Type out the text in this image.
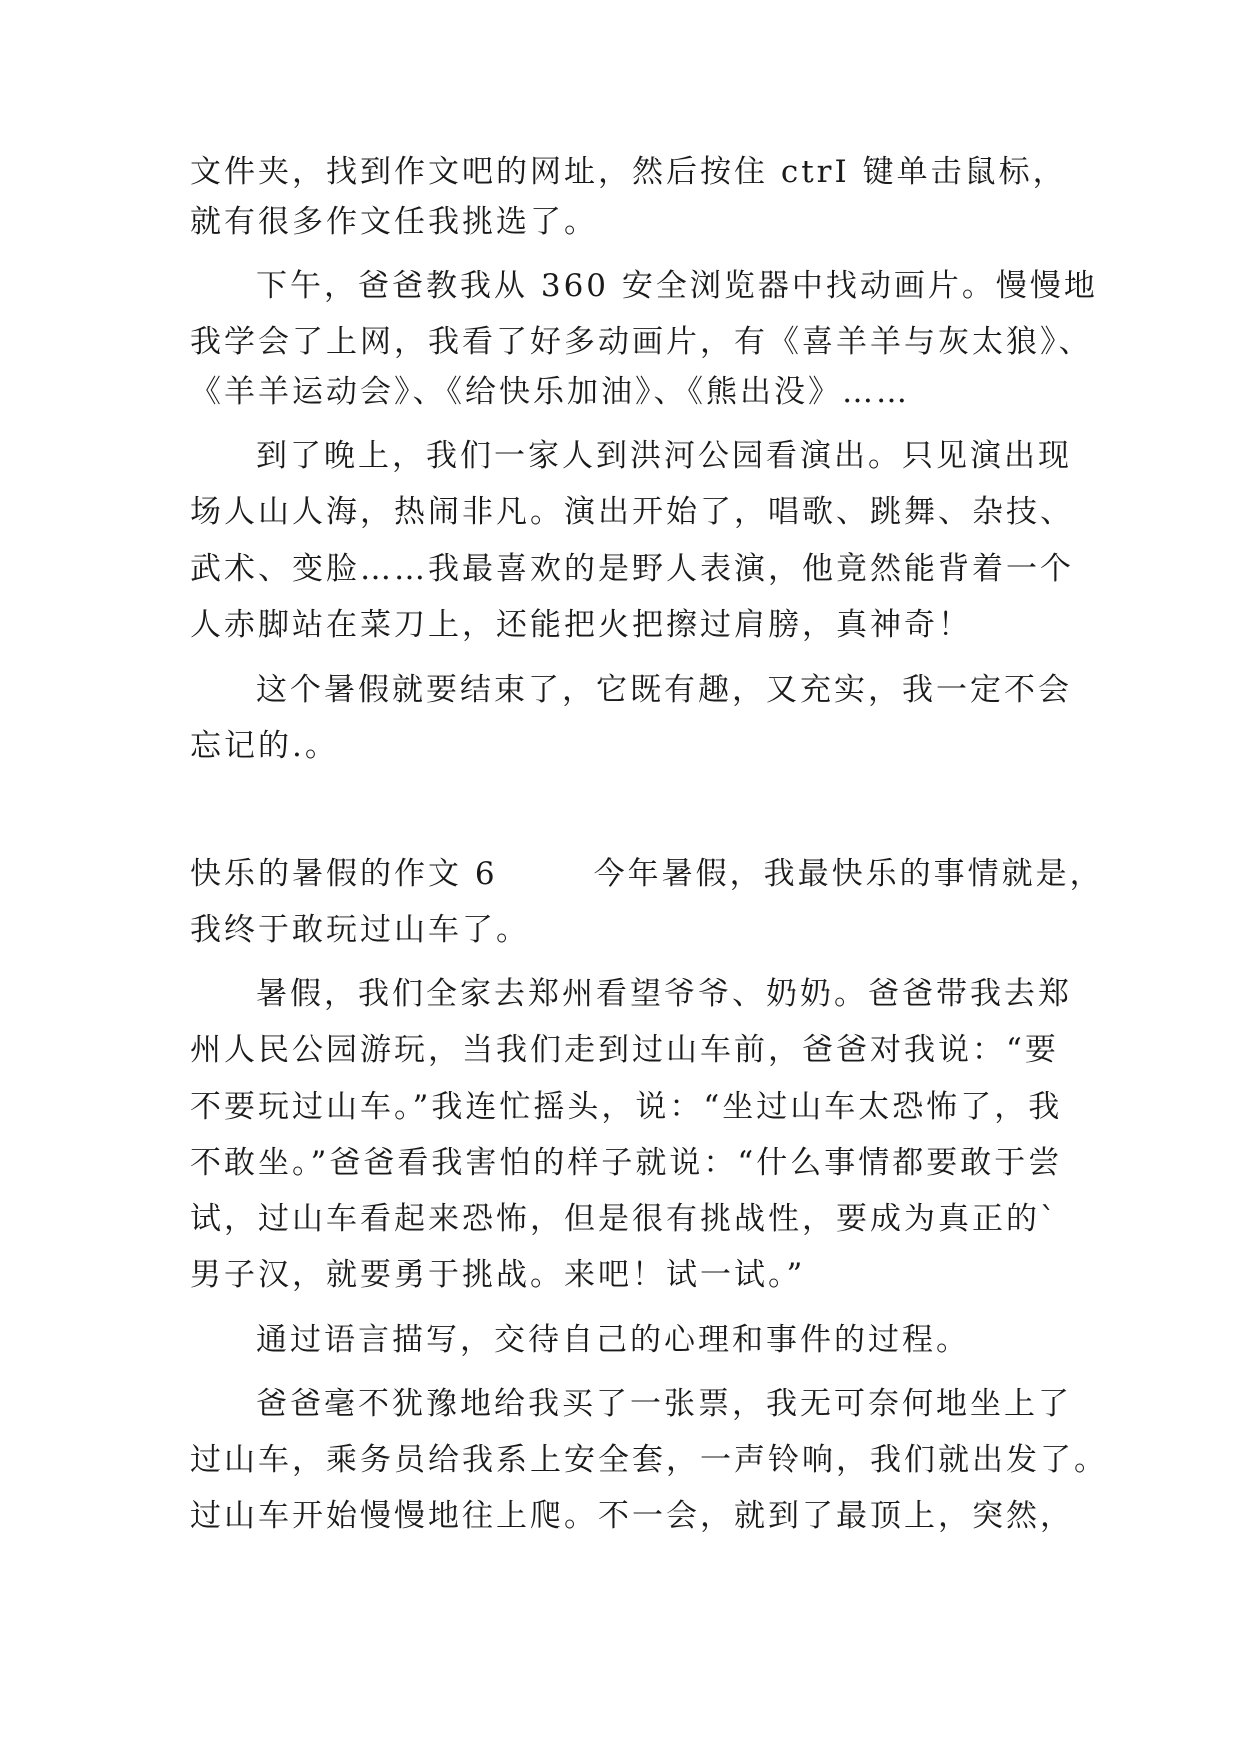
文件夹，找到作文吧的网址，然后按住 ctrI 键单击鼠标，
就有很多作文任我挑选了。
下午，爸爸教我从 360 安全浏览器中找动画片。慢慢地
我学会了上网，我看了好多动画片，有《喜羊羊与灰太狼》、
《羊羊运动会》、《给快乐加油》、《熊出没》……
到了晚上，我们一家人到洪河公园看演出。只见演出现
场人山人海，热闹非凡。演出开始了，唱歌、跳舞、杂技、
武术、变脸……我最喜欢的是野人表演，他竟然能背着一个
人赤脚站在菜刀上，还能把火把擦过肩膀，真神奇！
这个暑假就要结束了，它既有趣，又充实，我一定不会
忘记的.。
快乐的暑假的作文 6	今年暑假，我最快乐的事情就是，
我终于敢玩过山车了。
暑假，我们全家去郑州看望爷爷、奶奶。爸爸带我去郑
州人民公园游玩，当我们走到过山车前，爸爸对我说：“要
不要玩过山车。”我连忙摇头，说：“坐过山车太恐怖了，我
不敢坐。”爸爸看我害怕的样子就说：“什么事情都要敢于尝
试，过山车看起来恐怖，但是很有挑战性，要成为真正的`
男子汉，就要勇于挑战。来吧！试一试。”
通过语言描写，交待自己的心理和事件的过程。
爸爸毫不犹豫地给我买了一张票，我无可奈何地坐上了
过山车，乘务员给我系上安全套，一声铃响，我们就出发了。
过山车开始慢慢地往上爬。不一会，就到了最顶上，突然，
